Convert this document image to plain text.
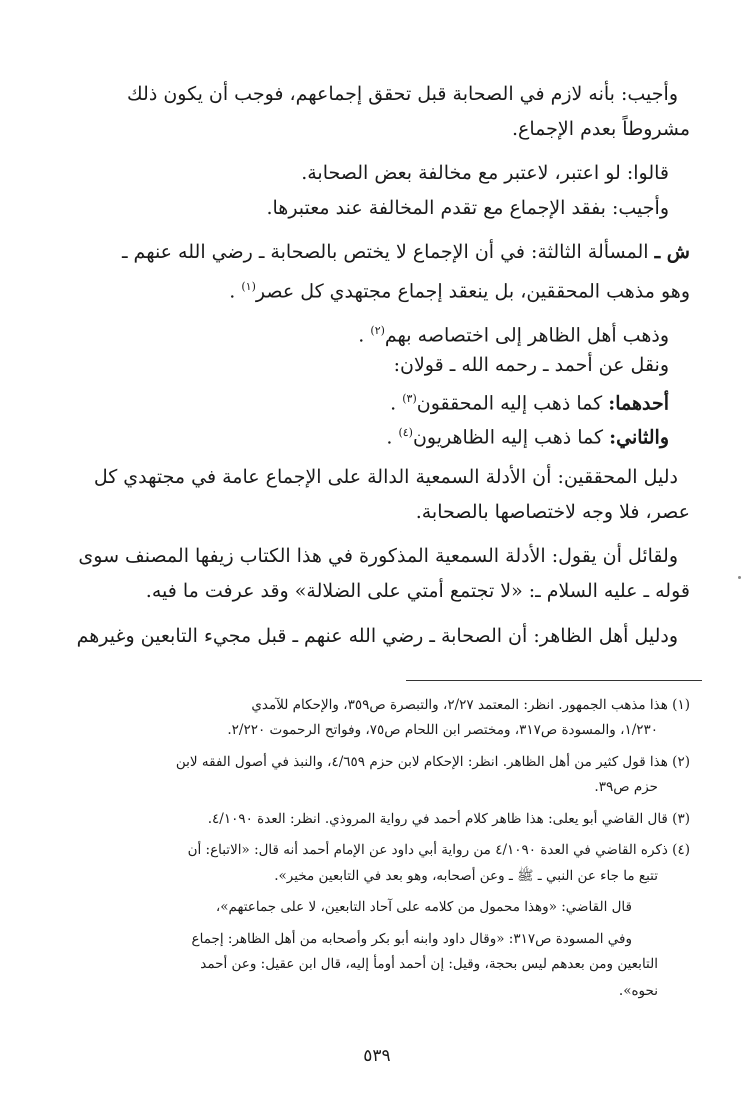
وأجيب: بأنه لازم في الصحابة قبل تحقق إجماعهم، فوجب أن يكون ذلك
مشروطاً بعدم الإجماع.
قالوا: لو اعتبر، لاعتبر مع مخالفة بعض الصحابة.
وأجيب: بفقد الإجماع مع تقدم المخالفة عند معتبرها.
ش ـ المسألة الثالثة: في أن الإجماع لا يختص بالصحابة ـ رضي الله عنهم ـ
وهو مذهب المحققين، بل ينعقد إجماع مجتهدي كل عصر$^{(١)}$ .
وذهب أهل الظاهر إلى اختصاصه بهم$^{(٢)}$ .
ونقل عن أحمد ـ رحمه الله ـ قولان:
أحدهما: كما ذهب إليه المحققون$^{(٣)}$ .
والثاني: كما ذهب إليه الظاهريون$^{(٤)}$ .
دليل المحققين: أن الأدلة السمعية الدالة على الإجماع عامة في مجتهدي كل
عصر، فلا وجه لاختصاصها بالصحابة.
ولقائل أن يقول: الأدلة السمعية المذكورة في هذا الكتاب زيفها المصنف سوى
قوله ـ عليه السلام ـ: «لا تجتمع أمتي على الضلالة» وقد عرفت ما فيه.
ودليل أهل الظاهر: أن الصحابة ـ رضي الله عنهم ـ قبل مجيء التابعين وغيرهم
(١) هذا مذهب الجمهور. انظر: المعتمد ٢/٢٧، والتبصرة ص٣٥٩، والإحكام للآمدي
١/٢٣٠، والمسودة ص٣١٧، ومختصر ابن اللحام ص٧٥، وفواتح الرحموت ٢/٢٢٠.
(٢) هذا قول كثير من أهل الظاهر. انظر: الإحكام لابن حزم ٤/٦٥٩، والنبذ في أصول الفقه لابن
حزم ص٣٩.
(٣) قال القاضي أبو يعلى: هذا ظاهر كلام أحمد في رواية المروذي. انظر: العدة ٤/١٠٩٠.
(٤) ذكره القاضي في العدة ٤/١٠٩٠ من رواية أبي داود عن الإمام أحمد أنه قال: «الاتباع: أن
تتبع ما جاء عن النبي ـ ﷺ ـ وعن أصحابه، وهو بعد في التابعين مخير».
قال القاضي: «وهذا محمول من كلامه على آحاد التابعين، لا على جماعتهم»،
وفي المسودة ص٣١٧: «وقال داود وابنه أبو بكر وأصحابه من أهل الظاهر: إجماع
التابعين ومن بعدهم ليس بحجة، وقيل: إن أحمد أومأ إليه، قال ابن عقيل: وعن أحمد
نحوه».
٥٣٩
